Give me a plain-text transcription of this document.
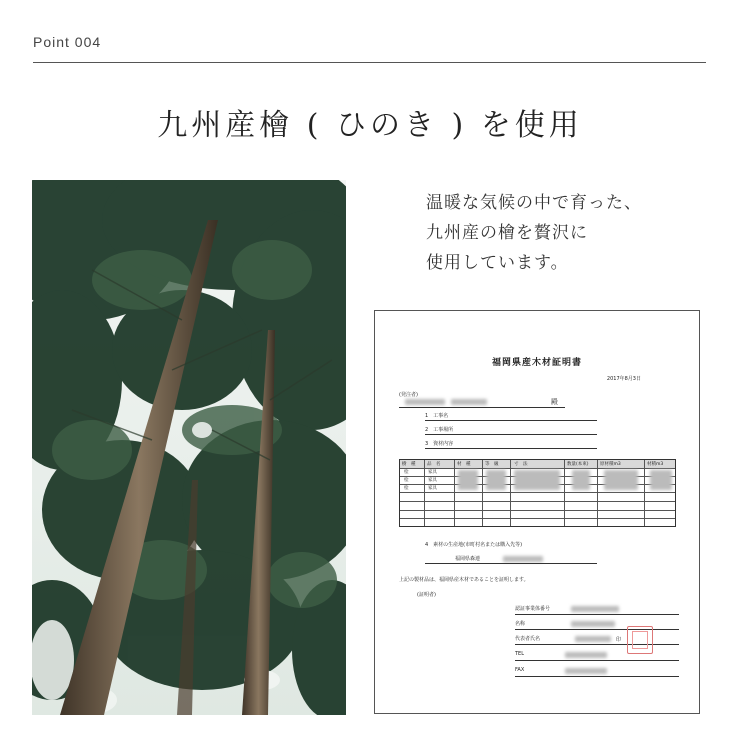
Point 004
九州産檜 ( ひのき ) を使用
温暖な気候の中で育った、
九州産の檜を贅沢に
使用しています。
福岡県産木材証明書
2017年8月3日
(発注者)
殿
1　工事名
2　工事場所
3　資材内容
樹　種	品　名	材　種	等　級	寸　法	数量(本束)	原材積m3	材積m3
桧	家具
桧	家具
桧	家具
4　素材の生産地(市町村名または購入先等)
福岡県森連
上記の製材品は、福岡県産木材であることを証明します。
(証明者)
認証事業体番号
名称
代表者氏名	印
TEL
FAX
